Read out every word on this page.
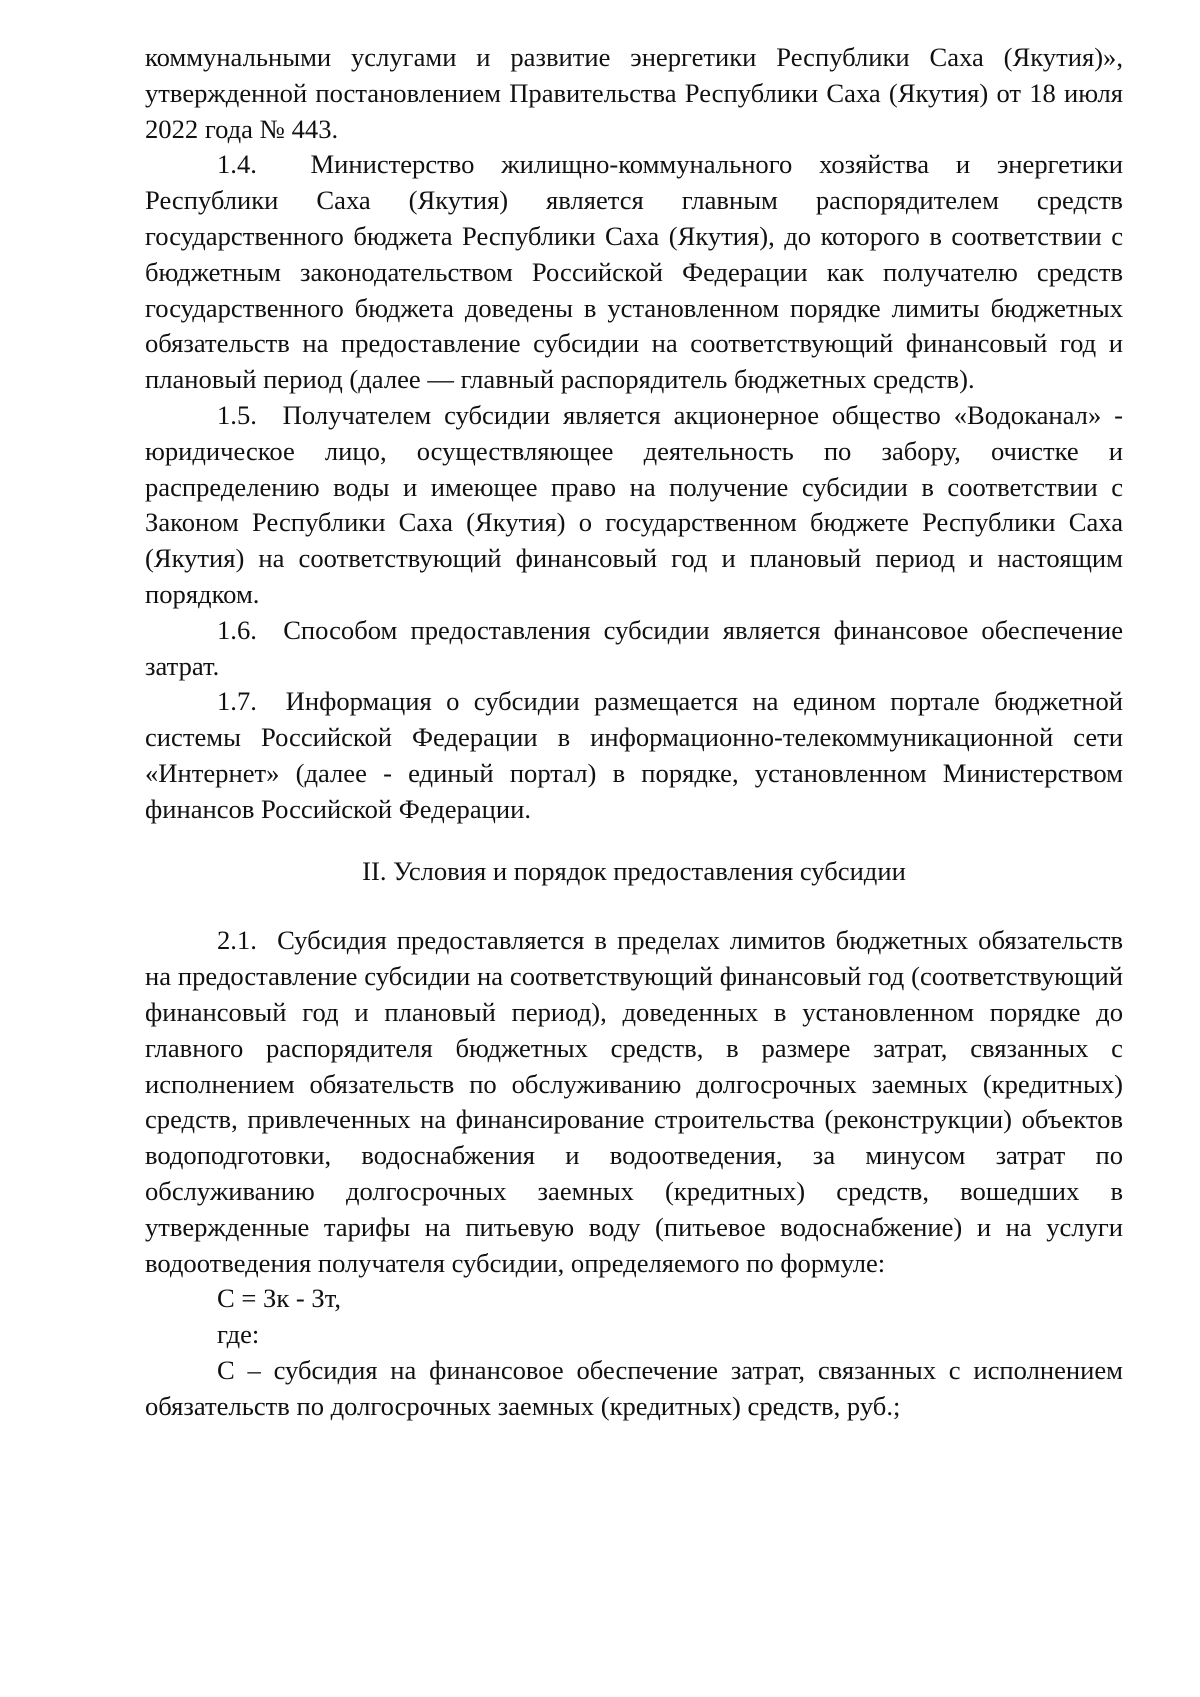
коммунальными услугами и развитие энергетики Республики Саха (Якутия)», утвержденной постановлением Правительства Республики Саха (Якутия) от 18 июля 2022 года № 443.

1.4. Министерство жилищно-коммунального хозяйства и энергетики Республики Саха (Якутия) является главным распорядителем средств государственного бюджета Республики Саха (Якутия), до которого в соответствии с бюджетным законодательством Российской Федерации как получателю средств государственного бюджета доведены в установленном порядке лимиты бюджетных обязательств на предоставление субсидии на соответствующий финансовый год и плановый период (далее — главный распорядитель бюджетных средств).

1.5. Получателем субсидии является акционерное общество «Водоканал» - юридическое лицо, осуществляющее деятельность по забору, очистке и распределению воды и имеющее право на получение субсидии в соответствии с Законом Республики Саха (Якутия) о государственном бюджете Республики Саха (Якутия) на соответствующий финансовый год и плановый период и настоящим порядком.

1.6. Способом предоставления субсидии является финансовое обеспечение затрат.

1.7. Информация о субсидии размещается на едином портале бюджетной системы Российской Федерации в информационно-телекоммуникационной сети «Интернет» (далее - единый портал) в порядке, установленном Министерством финансов Российской Федерации.

II. Условия и порядок предоставления субсидии

2.1. Субсидия предоставляется в пределах лимитов бюджетных обязательств на предоставление субсидии на соответствующий финансовый год (соответствующий финансовый год и плановый период), доведенных в установленном порядке до главного распорядителя бюджетных средств, в размере затрат, связанных с исполнением обязательств по обслуживанию долгосрочных заемных (кредитных) средств, привлеченных на финансирование строительства (реконструкции) объектов водоподготовки, водоснабжения и водоотведения, за минусом затрат по обслуживанию долгосрочных заемных (кредитных) средств, вошедших в утвержденные тарифы на питьевую воду (питьевое водоснабжение) и на услуги водоотведения получателя субсидии, определяемого по формуле:

С = Зк - Зт,

где:

С – субсидия на финансовое обеспечение затрат, связанных с исполнением обязательств по долгосрочных заемных (кредитных) средств, руб.;
